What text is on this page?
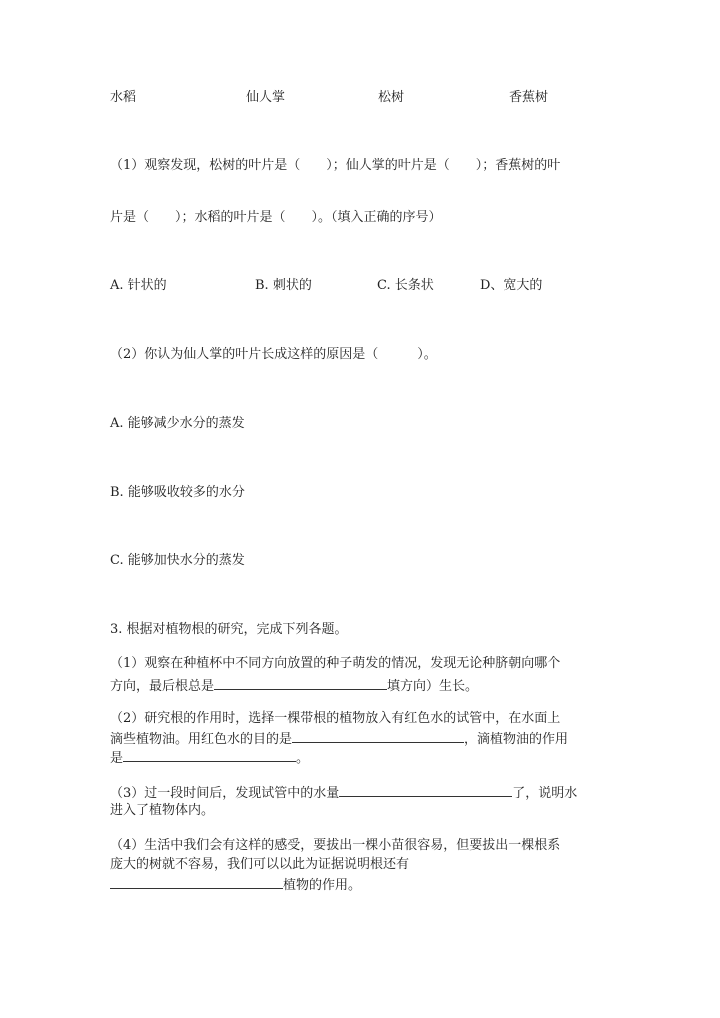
水稻	仙人掌	松树	香蕉树
（1）观察发现，松树的叶片是（　　）；仙人掌的叶片是（　　）；香蕉树的叶
片是（　　）；水稻的叶片是（　　）。（填入正确的序号）
A. 针状的	B. 刺状的	C. 长条状	D、宽大的
（2）你认为仙人掌的叶片长成这样的原因是（　　　）。
A. 能够减少水分的蒸发
B. 能够吸收较多的水分
C. 能够加快水分的蒸发
3. 根据对植物根的研究，完成下列各题。
（1）观察在种植杯中不同方向放置的种子萌发的情况，发现无论种脐朝向哪个
方向，最后根总是	填方向）生长。
（2）研究根的作用时，选择一棵带根的植物放入有红色水的试管中，在水面上
滴些植物油。用红色水的目的是	，滴植物油的作用
是	。
（3）过一段时间后，发现试管中的水量	了，说明水
进入了植物体内。
（4）生活中我们会有这样的感受，要拔出一棵小苗很容易，但要拔出一棵根系
庞大的树就不容易，我们可以以此为证据说明根还有
植物的作用。
